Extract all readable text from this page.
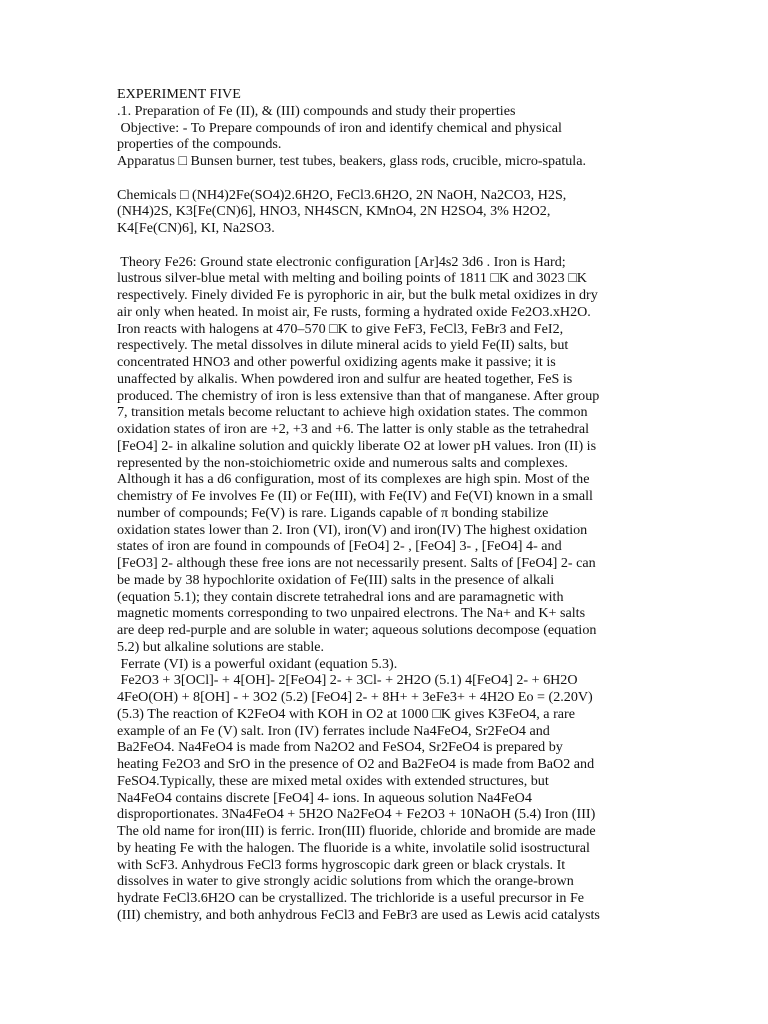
EXPERIMENT FIVE
.1. Preparation of Fe (II), & (III) compounds and study their properties
Objective: - To Prepare compounds of iron and identify chemical and physical
properties of the compounds.
Apparatus □ Bunsen burner, test tubes, beakers, glass rods, crucible, micro-spatula.
Chemicals □ (NH4)2Fe(SO4)2.6H2O, FeCl3.6H2O, 2N NaOH, Na2CO3, H2S,
(NH4)2S, K3[Fe(CN)6], HNO3, NH4SCN, KMnO4, 2N H2SO4, 3% H2O2,
K4[Fe(CN)6], KI, Na2SO3.
Theory Fe26: Ground state electronic configuration [Ar]4s2 3d6 . Iron is Hard;
lustrous silver-blue metal with melting and boiling points of 1811 □K and 3023 □K
respectively. Finely divided Fe is pyrophoric in air, but the bulk metal oxidizes in dry
air only when heated. In moist air, Fe rusts, forming a hydrated oxide Fe2O3.xH2O.
Iron reacts with halogens at 470–570 □K to give FeF3, FeCl3, FeBr3 and FeI2,
respectively. The metal dissolves in dilute mineral acids to yield Fe(II) salts, but
concentrated HNO3 and other powerful oxidizing agents make it passive; it is
unaffected by alkalis. When powdered iron and sulfur are heated together, FeS is
produced. The chemistry of iron is less extensive than that of manganese. After group
7, transition metals become reluctant to achieve high oxidation states. The common
oxidation states of iron are +2, +3 and +6. The latter is only stable as the tetrahedral
[FeO4] 2- in alkaline solution and quickly liberate O2 at lower pH values. Iron (II) is
represented by the non-stoichiometric oxide and numerous salts and complexes.
Although it has a d6 configuration, most of its complexes are high spin. Most of the
chemistry of Fe involves Fe (II) or Fe(III), with Fe(IV) and Fe(VI) known in a small
number of compounds; Fe(V) is rare. Ligands capable of π bonding stabilize
oxidation states lower than 2. Iron (VI), iron(V) and iron(IV) The highest oxidation
states of iron are found in compounds of [FeO4] 2- , [FeO4] 3- , [FeO4] 4- and
[FeO3] 2- although these free ions are not necessarily present. Salts of [FeO4] 2- can
be made by 38 hypochlorite oxidation of Fe(III) salts in the presence of alkali
(equation 5.1); they contain discrete tetrahedral ions and are paramagnetic with
magnetic moments corresponding to two unpaired electrons. The Na+ and K+ salts
are deep red-purple and are soluble in water; aqueous solutions decompose (equation
5.2) but alkaline solutions are stable.
Ferrate (VI) is a powerful oxidant (equation 5.3).
Fe2O3 + 3[OCl]- + 4[OH]- 2[FeO4] 2- + 3Cl- + 2H2O (5.1) 4[FeO4] 2- + 6H2O
4FeO(OH) + 8[OH] - + 3O2 (5.2) [FeO4] 2- + 8H+ + 3eFe3+ + 4H2O Eo = (2.20V)
(5.3) The reaction of K2FeO4 with KOH in O2 at 1000 □K gives K3FeO4, a rare
example of an Fe (V) salt. Iron (IV) ferrates include Na4FeO4, Sr2FeO4 and
Ba2FeO4. Na4FeO4 is made from Na2O2 and FeSO4, Sr2FeO4 is prepared by
heating Fe2O3 and SrO in the presence of O2 and Ba2FeO4 is made from BaO2 and
FeSO4.Typically, these are mixed metal oxides with extended structures, but
Na4FeO4 contains discrete [FeO4] 4- ions. In aqueous solution Na4FeO4
disproportionates. 3Na4FeO4 + 5H2O Na2FeO4 + Fe2O3 + 10NaOH (5.4) Iron (III)
The old name for iron(III) is ferric. Iron(III) fluoride, chloride and bromide are made
by heating Fe with the halogen. The fluoride is a white, involatile solid isostructural
with ScF3. Anhydrous FeCl3 forms hygroscopic dark green or black crystals. It
dissolves in water to give strongly acidic solutions from which the orange-brown
hydrate FeCl3.6H2O can be crystallized. The trichloride is a useful precursor in Fe
(III) chemistry, and both anhydrous FeCl3 and FeBr3 are used as Lewis acid catalysts
